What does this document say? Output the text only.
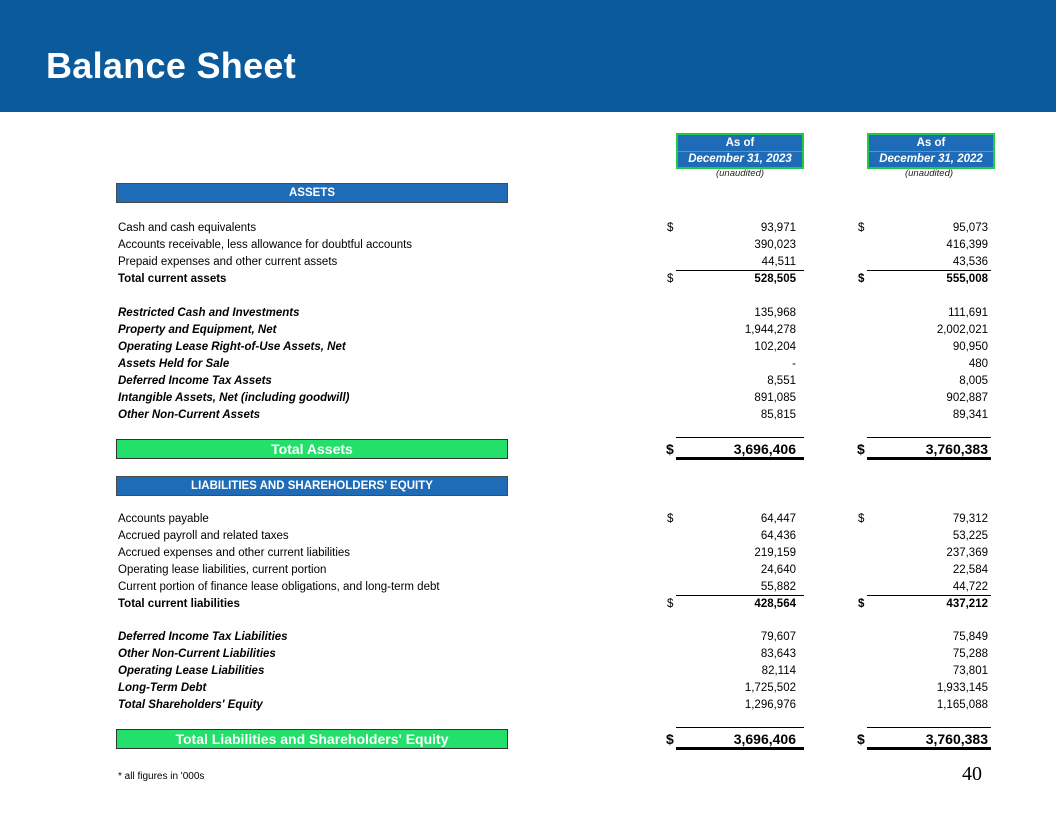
Balance Sheet
As of
December 31, 2023
(unaudited)
As of
December 31, 2022
(unaudited)
ASSETS
Cash and cash equivalents	$	93,971	$	95,073
Accounts receivable, less allowance for doubtful accounts	390,023	416,399
Prepaid expenses and other current assets	44,511	43,536
Total current assets	$	528,505	$	555,008
Restricted Cash and Investments	135,968	111,691
Property and Equipment, Net	1,944,278	2,002,021
Operating Lease Right-of-Use Assets, Net	102,204	90,950
Assets Held for Sale	-	480
Deferred Income Tax Assets	8,551	8,005
Intangible Assets, Net (including goodwill)	891,085	902,887
Other Non-Current Assets	85,815	89,341
Total Assets	$	3,696,406	$	3,760,383
LIABILITIES AND SHAREHOLDERS' EQUITY
Accounts payable	$	64,447	$	79,312
Accrued payroll and related taxes	64,436	53,225
Accrued expenses and other current liabilities	219,159	237,369
Operating lease liabilities, current portion	24,640	22,584
Current portion of finance lease obligations, and long-term debt	55,882	44,722
Total current liabilities	$	428,564	$	437,212
Deferred Income Tax Liabilities	79,607	75,849
Other Non-Current Liabilities	83,643	75,288
Operating Lease Liabilities	82,114	73,801
Long-Term Debt	1,725,502	1,933,145
Total Shareholders' Equity	1,296,976	1,165,088
Total Liabilities and Shareholders' Equity	$	3,696,406	$	3,760,383
* all figures in '000s	40
